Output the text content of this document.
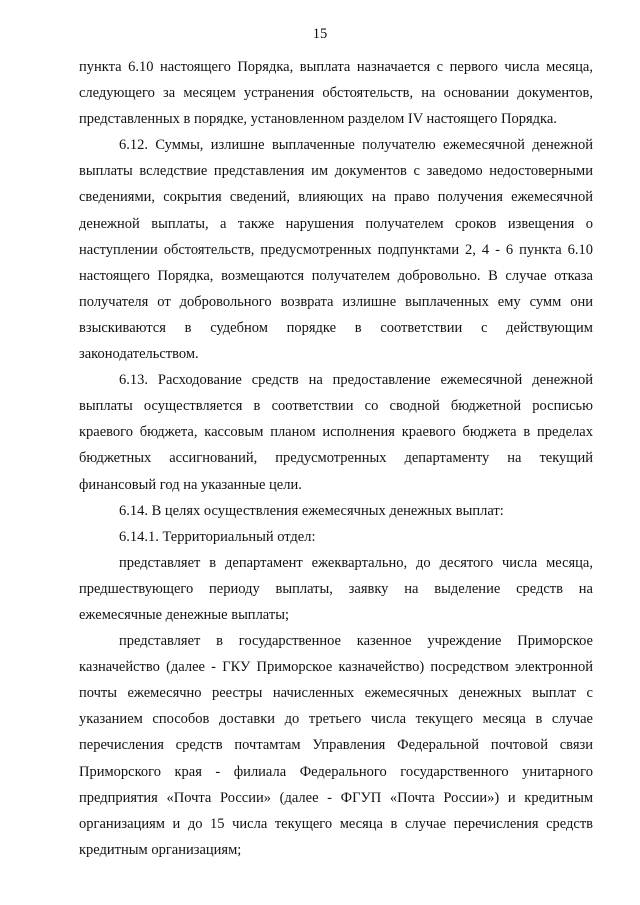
15

пункта 6.10 настоящего Порядка, выплата назначается с первого числа месяца, следующего за месяцем устранения обстоятельств, на основании документов, представленных в порядке, установленном разделом IV настоящего Порядка.

6.12. Суммы, излишне выплаченные получателю ежемесячной денежной выплаты вследствие представления им документов с заведомо недостоверными сведениями, сокрытия сведений, влияющих на право получения ежемесячной денежной выплаты, а также нарушения получателем сроков извещения о наступлении обстоятельств, предусмотренных подпунктами 2, 4 - 6 пункта 6.10 настоящего Порядка, возмещаются получателем добровольно. В случае отказа получателя от добровольного возврата излишне выплаченных ему сумм они взыскиваются в судебном порядке в соответствии с действующим законодательством.

6.13. Расходование средств на предоставление ежемесячной денежной выплаты осуществляется в соответствии со сводной бюджетной росписью краевого бюджета, кассовым планом исполнения краевого бюджета в пределах бюджетных ассигнований, предусмотренных департаменту на текущий финансовый год на указанные цели.

6.14. В целях осуществления ежемесячных денежных выплат:

6.14.1. Территориальный отдел:

представляет в департамент ежеквартально, до десятого числа месяца, предшествующего периоду выплаты, заявку на выделение средств на ежемесячные денежные выплаты;

представляет в государственное казенное учреждение Приморское казначейство (далее - ГКУ Приморское казначейство) посредством электронной почты ежемесячно реестры начисленных ежемесячных денежных выплат с указанием способов доставки до третьего числа текущего месяца в случае перечисления средств почтамтам Управления Федеральной почтовой связи Приморского края - филиала Федерального государственного унитарного предприятия «Почта России» (далее - ФГУП «Почта России») и кредитным организациям и до 15 числа текущего месяца в случае перечисления средств кредитным организациям;
